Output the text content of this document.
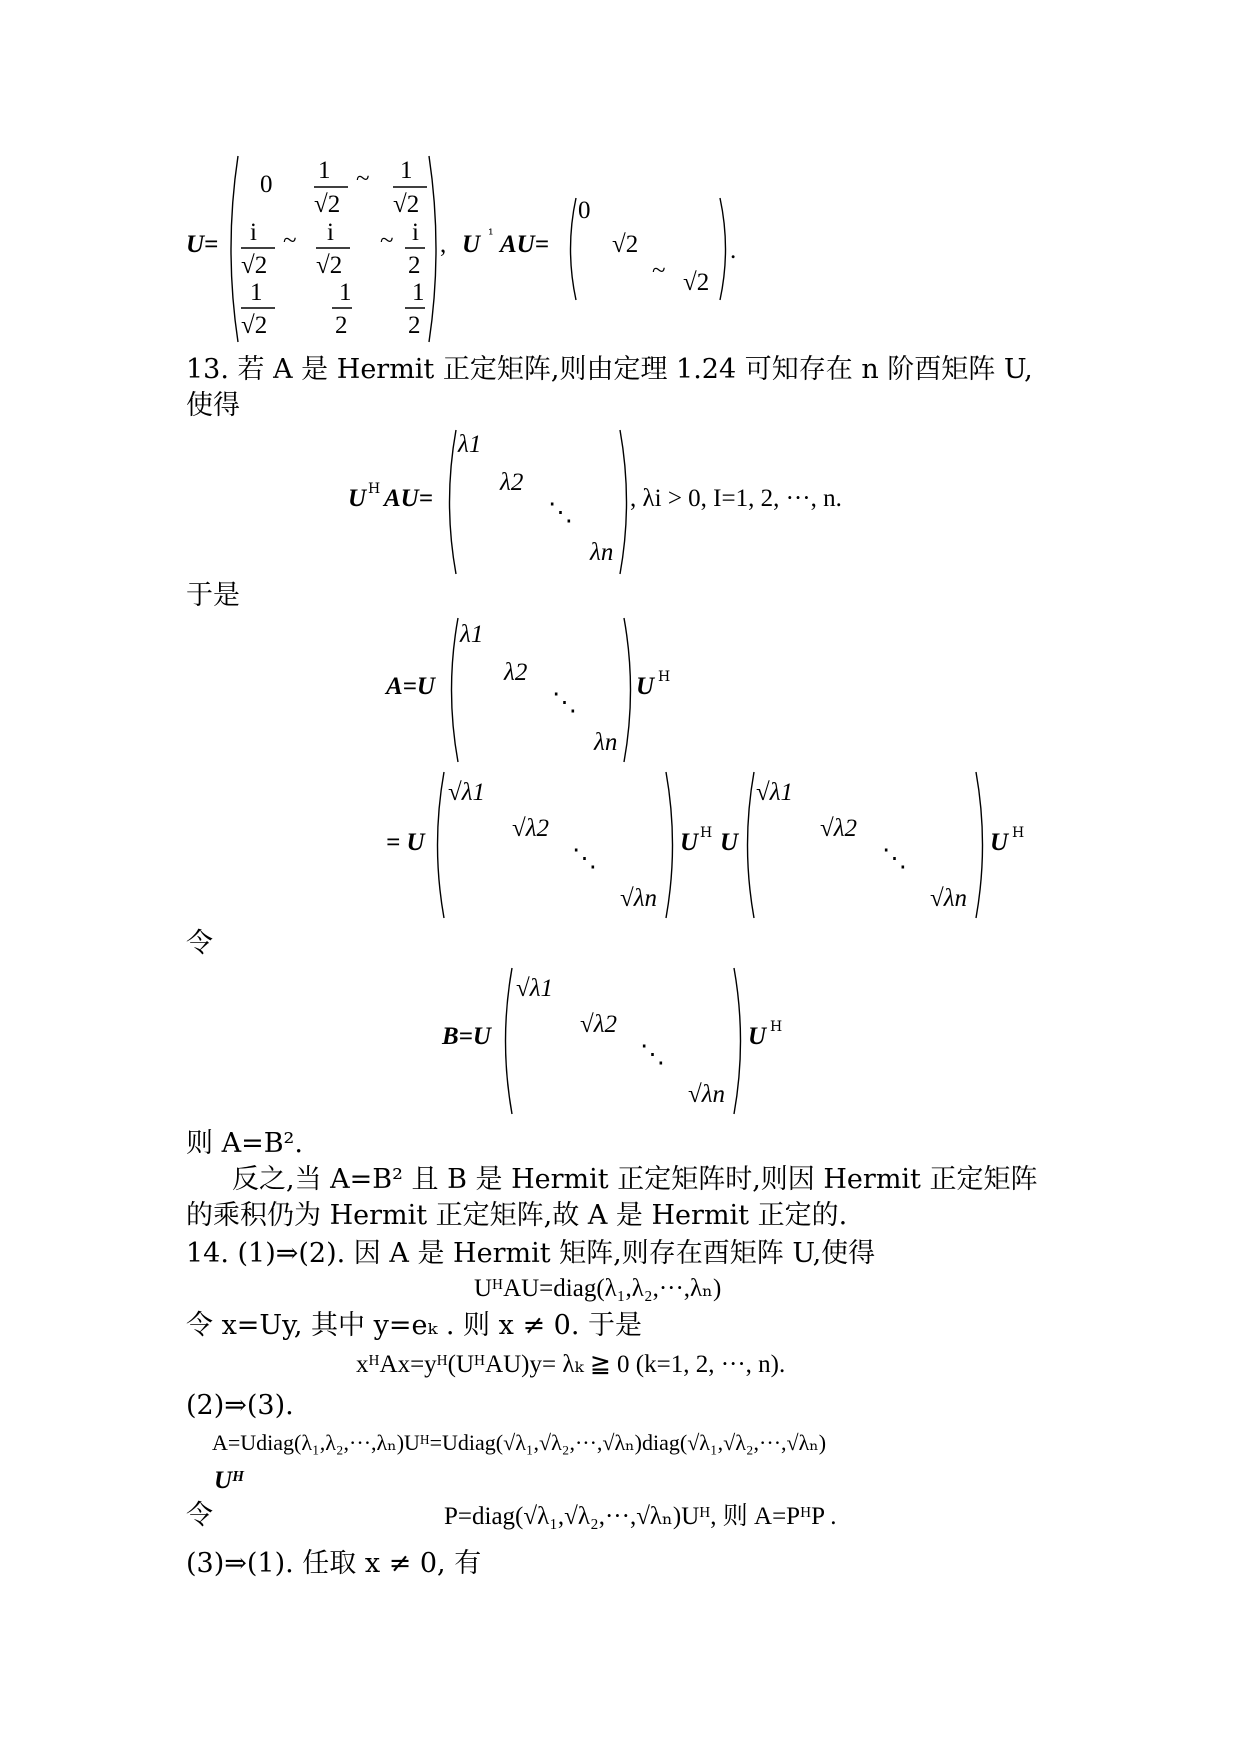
U=
0
1
√2
~ 1
√2
i
√2
~ i
√2
~ i
2
1
√2
1
2
1
2
, U ¹ AU=
0
√2
~ √2
.
13. 若 A 是 Hermit 正定矩阵,则由定理 1.24 可知存在 n 阶酉矩阵 U,
使得
U H AU=
λ1
λ2
⋱
λn
, λi > 0, I=1, 2, ···, n.
于是
A=U
λ1
λ2
⋱
λn
U H
= U
√λ1
√λ2
⋱
√λn
U H U
√λ1
√λ2
⋱
√λn
U H
令
B=U
√λ1
√λ2
⋱
√λn
U H
则 A=B².
反之,当 A=B² 且 B 是 Hermit 正定矩阵时,则因 Hermit 正定矩阵
的乘积仍为 Hermit 正定矩阵,故 A 是 Hermit 正定的.
14. (1)⇒(2). 因 A 是 Hermit 矩阵,则存在酉矩阵 U,使得
UᴴAU=diag(λ₁,λ₂,···,λₙ)
令 x=Uy, 其中 y=eₖ . 则 x ≠ 0. 于是
xᴴAx=yᴴ(UᴴAU)y= λₖ ≧ 0 (k=1, 2, ···, n).
(2)⇒(3).
A=Udiag(λ₁,λ₂,···,λₙ)Uᴴ=Udiag(√λ₁,√λ₂,···,√λₙ)diag(√λ₁,√λ₂,···,√λₙ)
Uᴴ
令	P=diag(√λ₁,√λ₂,···,√λₙ)Uᴴ, 则 A=PᴴP .
(3)⇒(1). 任取 x ≠ 0, 有
